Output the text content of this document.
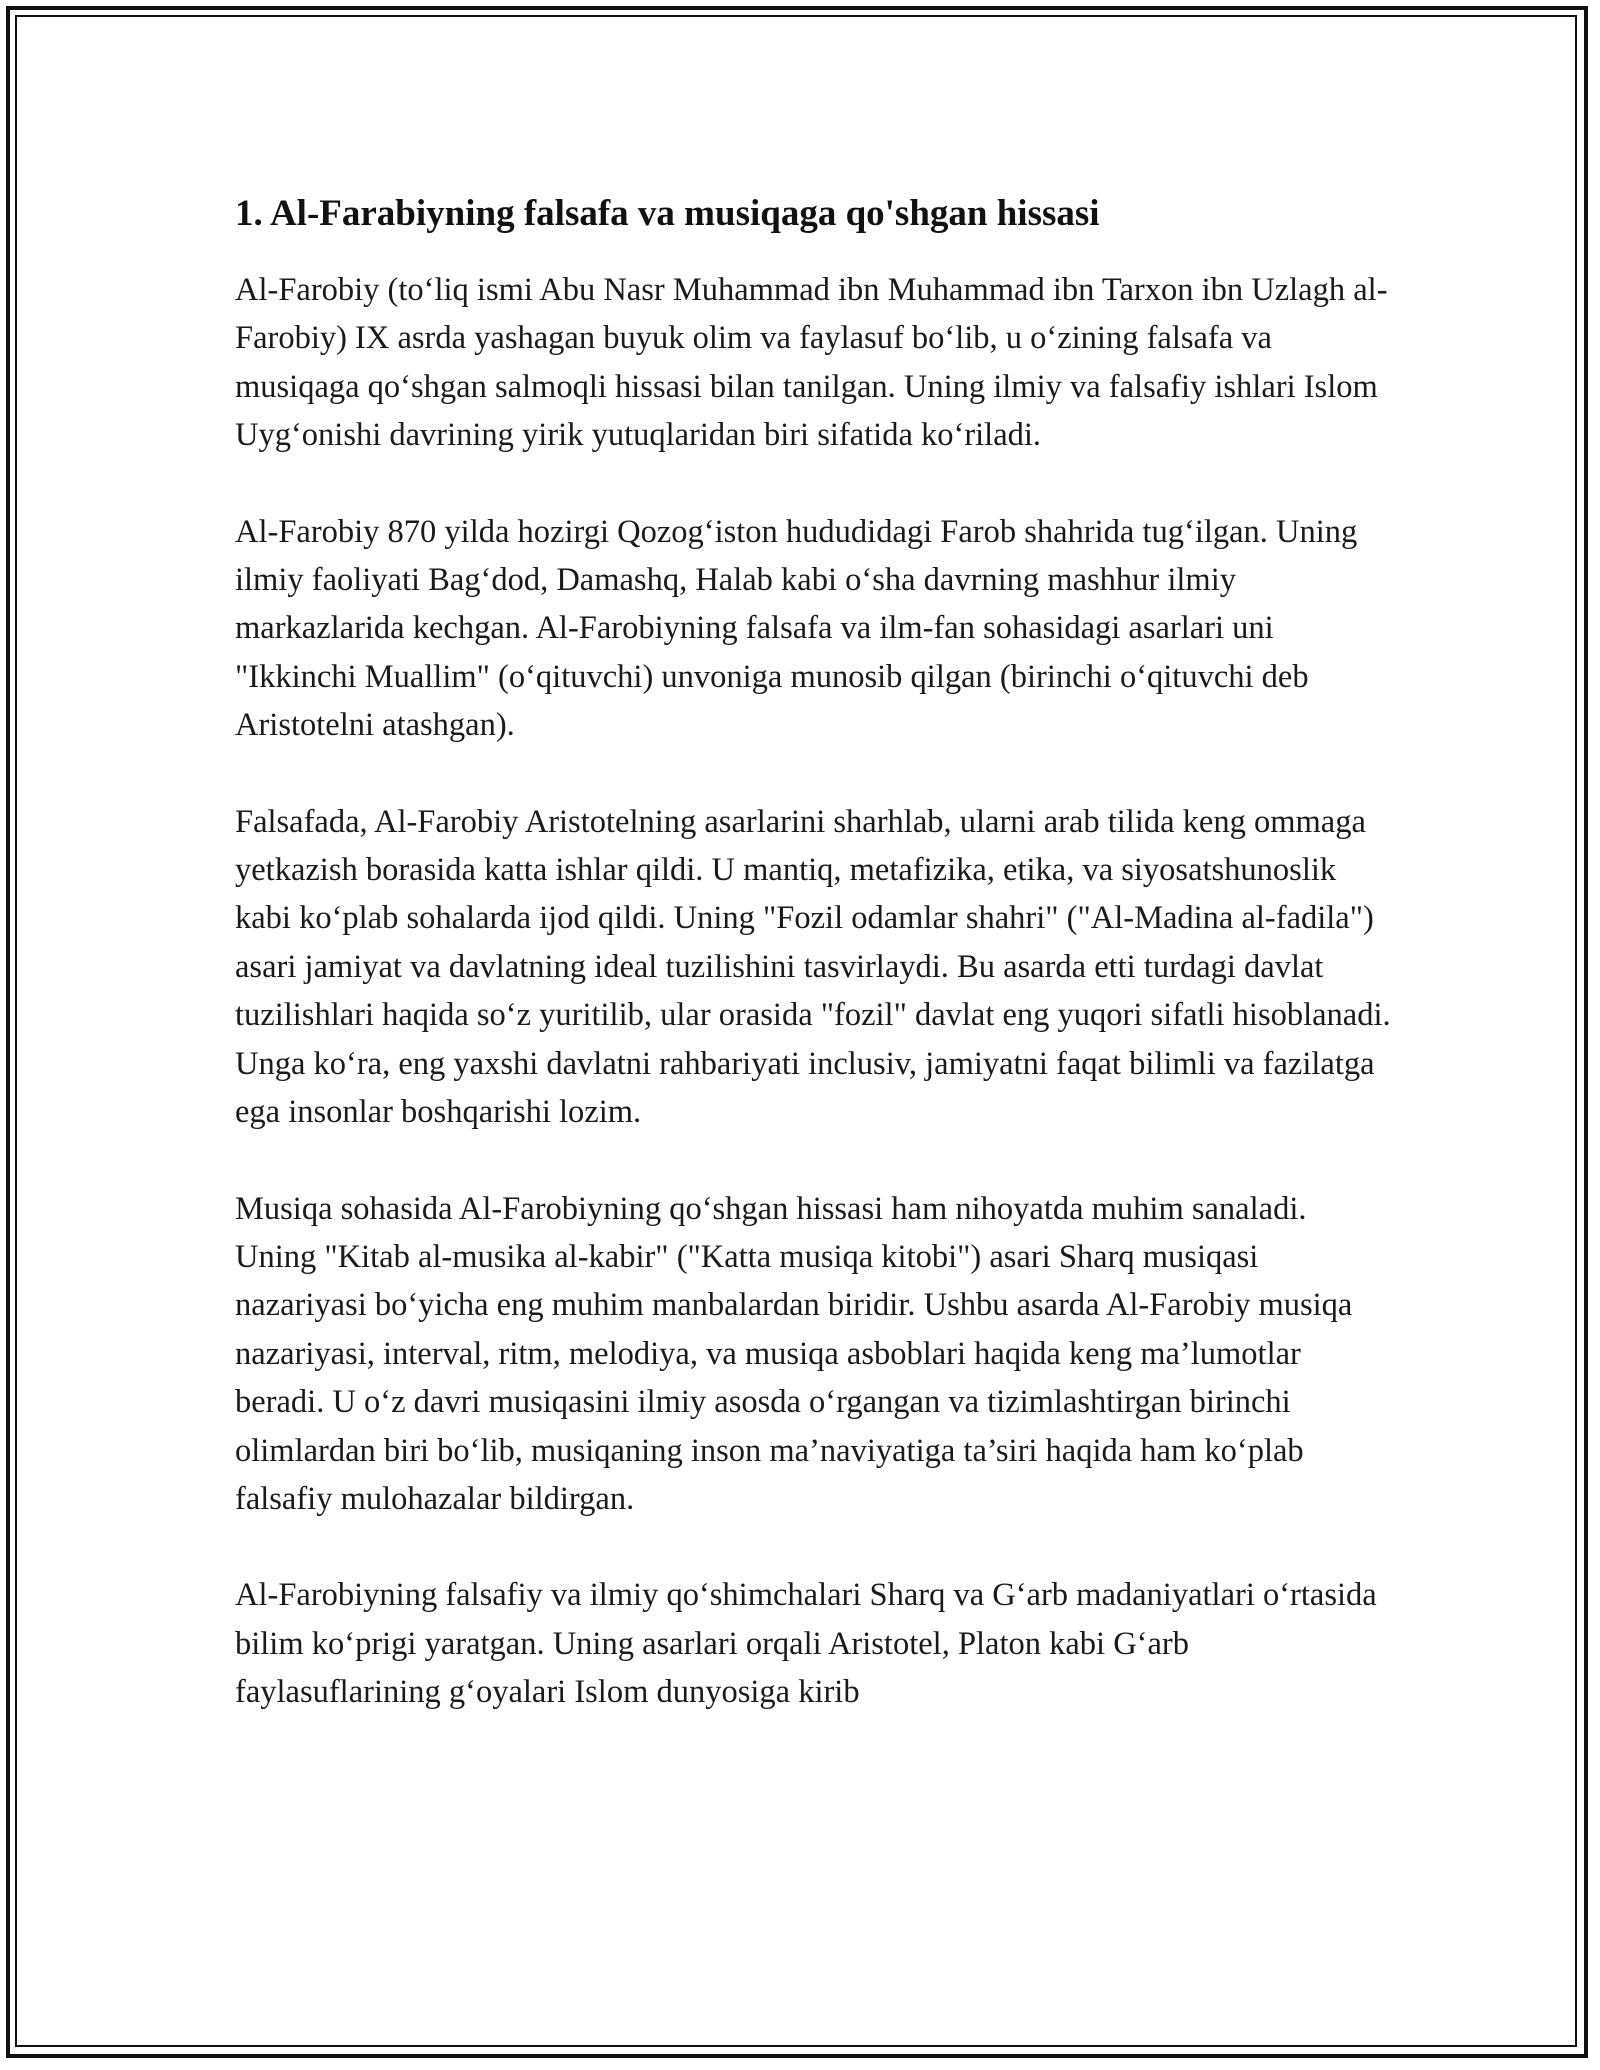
1. Al-Farabiyning falsafa va musiqaga qo'shgan hissasi

Al-Farobiy (to‘liq ismi Abu Nasr Muhammad ibn Muhammad ibn Tarxon ibn Uzlagh al-Farobiy) IX asrda yashagan buyuk olim va faylasuf bo‘lib, u o‘zining falsafa va musiqaga qo‘shgan salmoqli hissasi bilan tanilgan. Uning ilmiy va falsafiy ishlari Islom Uyg‘onishi davrining yirik yutuqlaridan biri sifatida ko‘riladi.

Al-Farobiy 870 yilda hozirgi Qozog‘iston hududidagi Farob shahrida tug‘ilgan. Uning ilmiy faoliyati Bag‘dod, Damashq, Halab kabi o‘sha davrning mashhur ilmiy markazlarida kechgan. Al-Farobiyning falsafa va ilm-fan sohasidagi asarlari uni "Ikkinchi Muallim" (o‘qituvchi) unvoniga munosib qilgan (birinchi o‘qituvchi deb Aristotelni atashgan).

Falsafada, Al-Farobiy Aristotelning asarlarini sharhlab, ularni arab tilida keng ommaga yetkazish borasida katta ishlar qildi. U mantiq, metafizika, etika, va siyosatshunoslik kabi ko‘plab sohalarda ijod qildi. Uning "Fozil odamlar shahri" ("Al-Madina al-fadila") asari jamiyat va davlatning ideal tuzilishini tasvirlaydi. Bu asarda etti turdagi davlat tuzilishlari haqida so‘z yuritilib, ular orasida "fozil" davlat eng yuqori sifatli hisoblanadi. Unga ko‘ra, eng yaxshi davlatni rahbariyati inclusiv, jamiyatni faqat bilimli va fazilatga ega insonlar boshqarishi lozim.

Musiqa sohasida Al-Farobiyning qo‘shgan hissasi ham nihoyatda muhim sanaladi. Uning "Kitab al-musika al-kabir" ("Katta musiqa kitobi") asari Sharq musiqasi nazariyasi bo‘yicha eng muhim manbalardan biridir. Ushbu asarda Al-Farobiy musiqa nazariyasi, interval, ritm, melodiya, va musiqa asboblari haqida keng ma’lumotlar beradi. U o‘z davri musiqasini ilmiy asosda o‘rgangan va tizimlashtirgan birinchi olimlardan biri bo‘lib, musiqaning inson ma’naviyatiga ta’siri haqida ham ko‘plab falsafiy mulohazalar bildirgan.

Al-Farobiyning falsafiy va ilmiy qo‘shimchalari Sharq va G‘arb madaniyatlari o‘rtasida bilim ko‘prigi yaratgan. Uning asarlari orqali Aristotel, Platon kabi G‘arb faylasuflarining g‘oyalari Islom dunyosiga kirib
